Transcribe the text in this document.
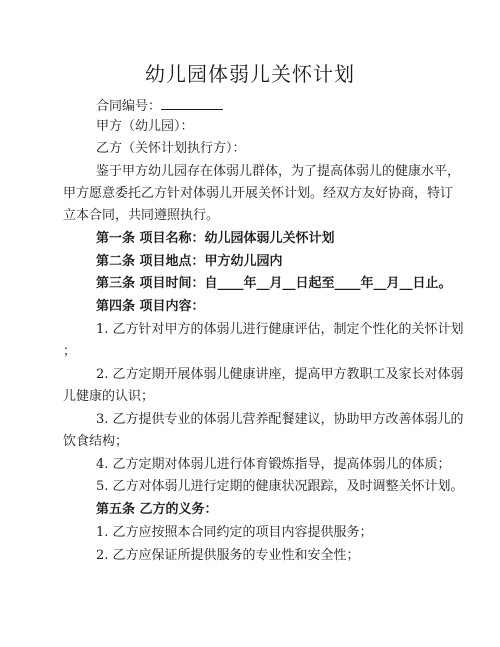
幼儿园体弱儿关怀计划

合同编号：

甲方（幼儿园）：

乙方（关怀计划执行方）：

鉴于甲方幼儿园存在体弱儿群体，为了提高体弱儿的健康水平，

甲方愿意委托乙方针对体弱儿开展关怀计划。经双方友好协商，特订

立本合同，共同遵照执行。

第一条 项目名称：幼儿园体弱儿关怀计划

第二条 项目地点：甲方幼儿园内

第三条 项目时间：自____年__月__日起至____年__月__日止。

第四条 项目内容：

1. 乙方针对甲方的体弱儿进行健康评估，制定个性化的关怀计划

；

2. 乙方定期开展体弱儿健康讲座，提高甲方教职工及家长对体弱

儿健康的认识；

3. 乙方提供专业的体弱儿营养配餐建议，协助甲方改善体弱儿的

饮食结构；

4. 乙方定期对体弱儿进行体育锻炼指导，提高体弱儿的体质；

5. 乙方对体弱儿进行定期的健康状况跟踪，及时调整关怀计划。

第五条 乙方的义务：

1. 乙方应按照本合同约定的项目内容提供服务；

2. 乙方应保证所提供服务的专业性和安全性；
